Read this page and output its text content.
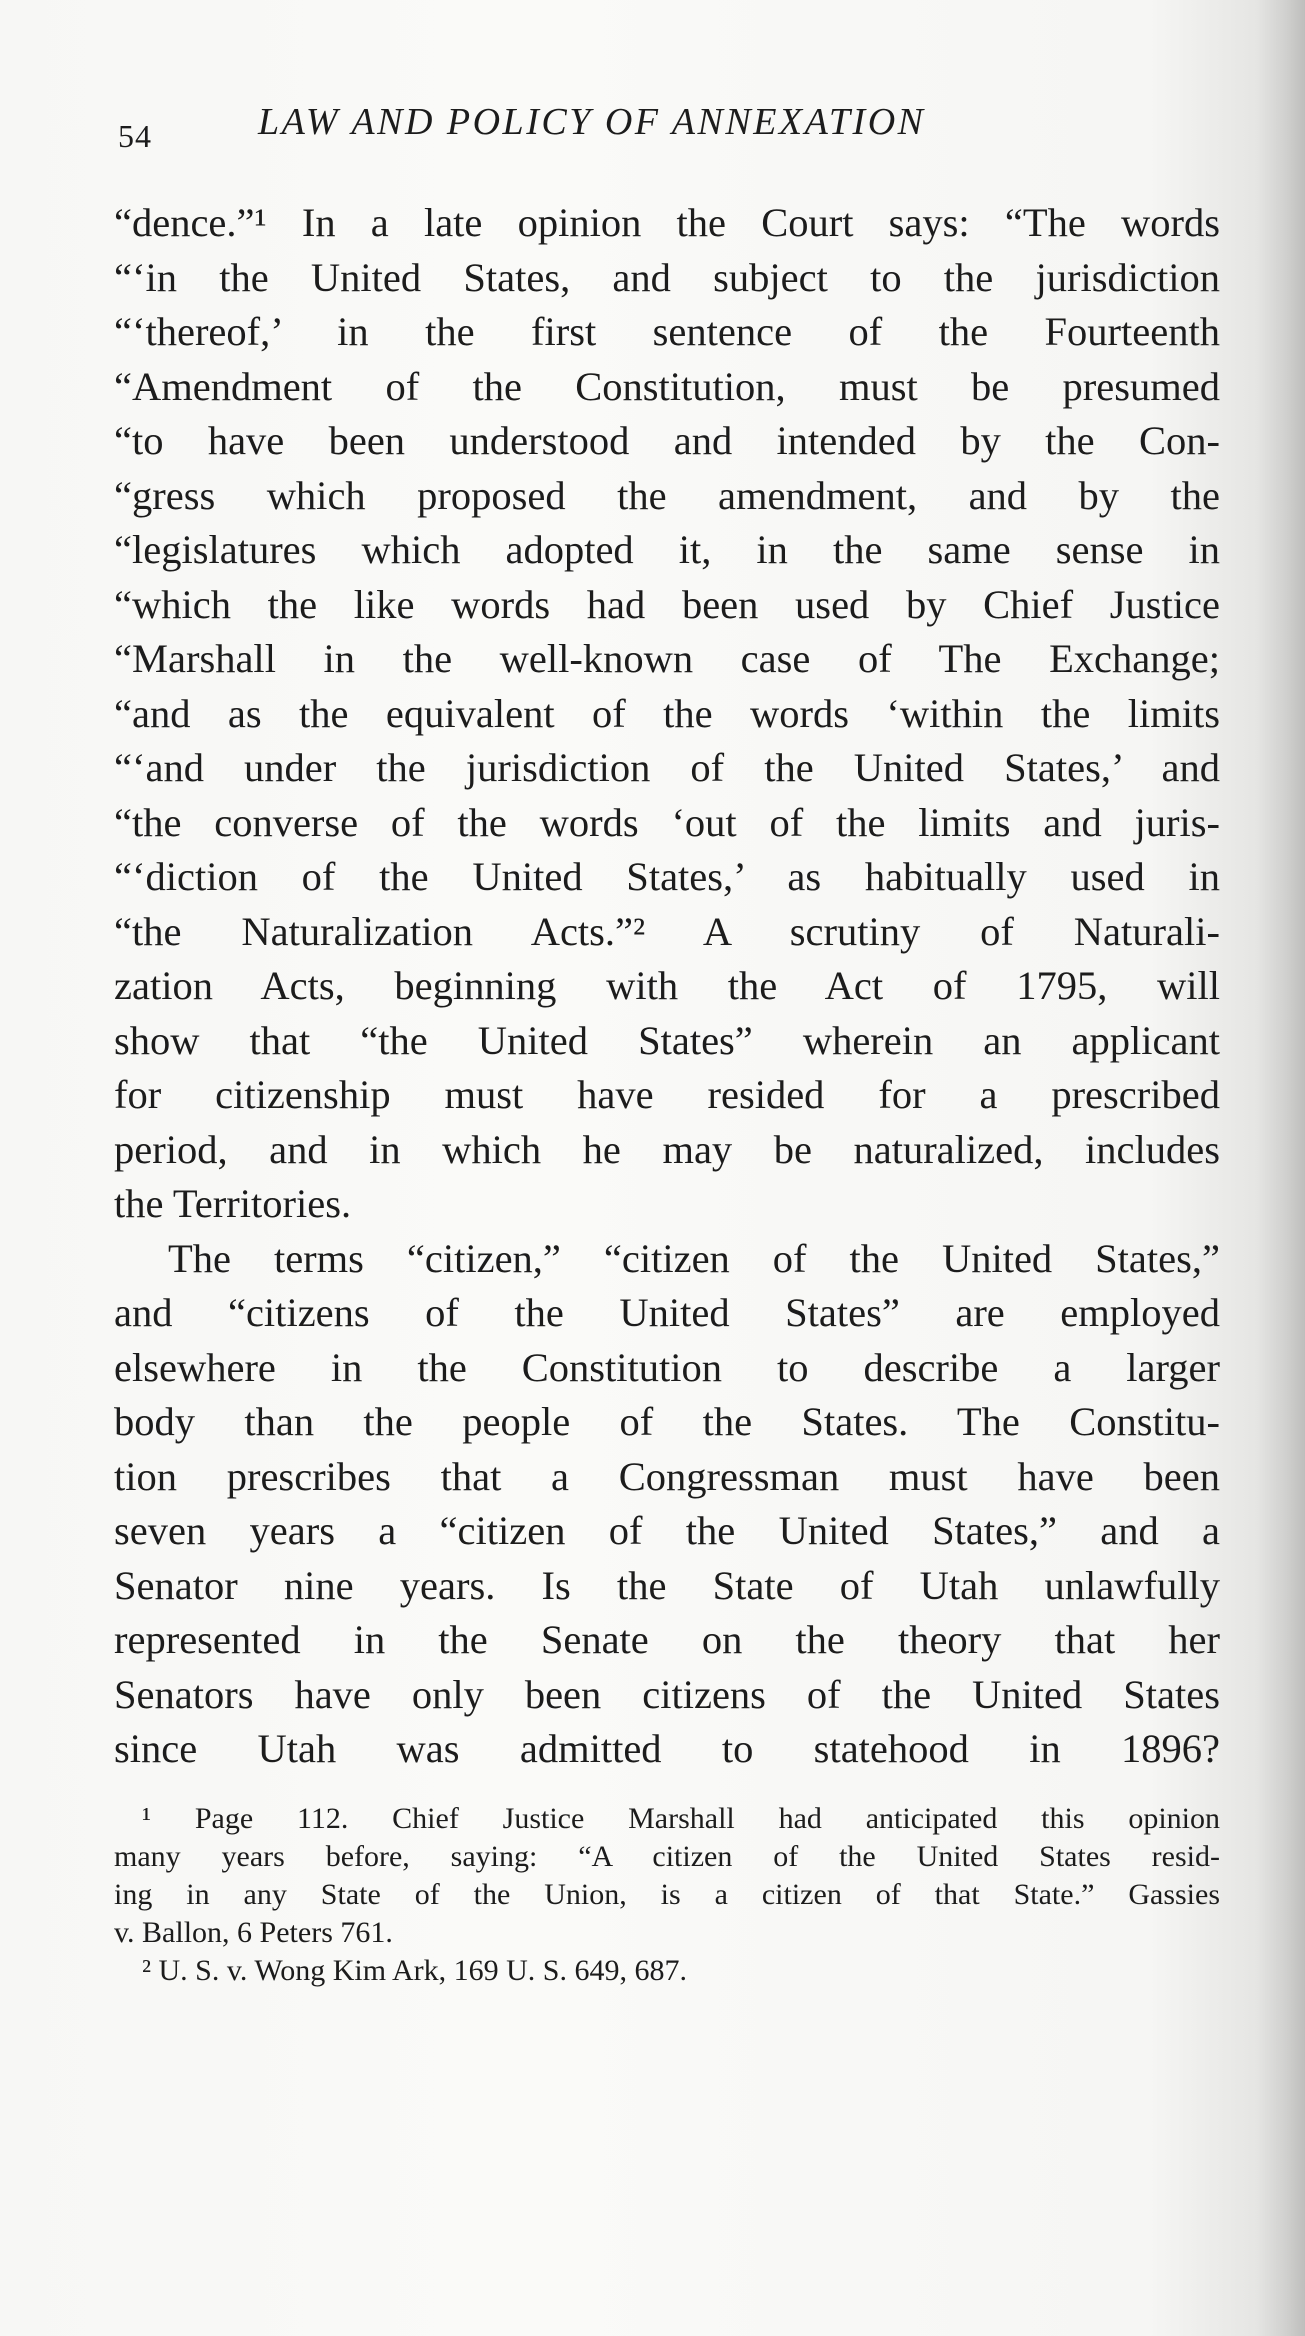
54	LAW AND POLICY OF ANNEXATION
“dence.”¹ In a late opinion the Court says: “The words
“‘in the United States, and subject to the jurisdiction
“‘thereof,’ in the first sentence of the Fourteenth
“Amendment of the Constitution, must be presumed
“to have been understood and intended by the Con-
“gress which proposed the amendment, and by the
“legislatures which adopted it, in the same sense in
“which the like words had been used by Chief Justice
“Marshall in the well-known case of The Exchange;
“and as the equivalent of the words ‘within the limits
“‘and under the jurisdiction of the United States,’ and
“the converse of the words ‘out of the limits and juris-
“‘diction of the United States,’ as habitually used in
“the Naturalization Acts.”² A scrutiny of Naturali-
zation Acts, beginning with the Act of 1795, will
show that “the United States” wherein an applicant
for citizenship must have resided for a prescribed
period, and in which he may be naturalized, includes
the Territories.
The terms “citizen,” “citizen of the United States,”
and “citizens of the United States” are employed
elsewhere in the Constitution to describe a larger
body than the people of the States. The Constitu-
tion prescribes that a Congressman must have been
seven years a “citizen of the United States,” and a
Senator nine years. Is the State of Utah unlawfully
represented in the Senate on the theory that her
Senators have only been citizens of the United States
since Utah was admitted to statehood in 1896?
¹ Page 112. Chief Justice Marshall had anticipated this opinion
many years before, saying: “A citizen of the United States resid-
ing in any State of the Union, is a citizen of that State.” Gassies
v. Ballon, 6 Peters 761.
² U. S. v. Wong Kim Ark, 169 U. S. 649, 687.
